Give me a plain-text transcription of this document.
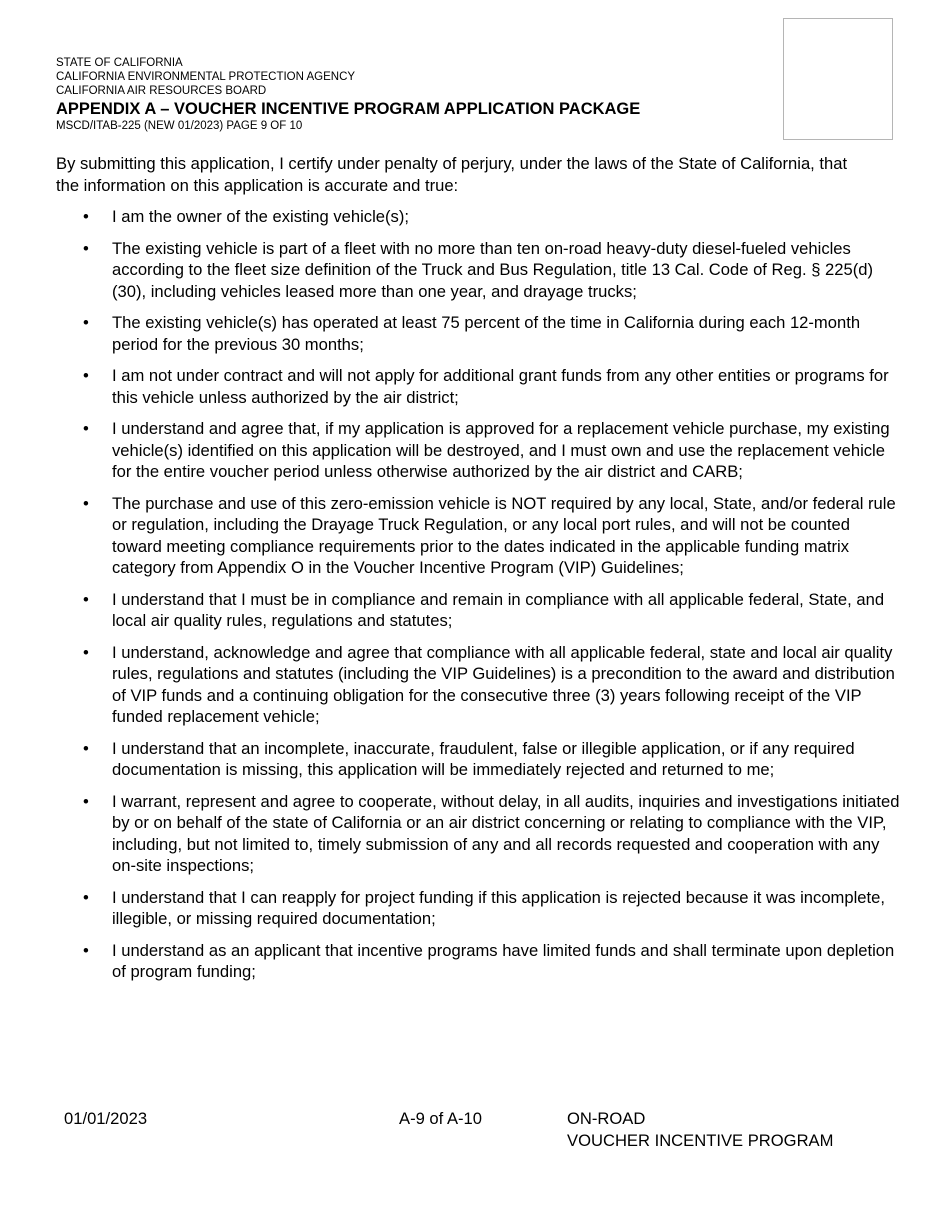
STATE OF CALIFORNIA
CALIFORNIA ENVIRONMENTAL PROTECTION AGENCY
CALIFORNIA AIR RESOURCES BOARD
APPENDIX A – VOUCHER INCENTIVE PROGRAM APPLICATION PACKAGE
MSCD/ITAB-225 (NEW 01/2023) PAGE 9 OF 10
By submitting this application, I certify under penalty of perjury, under the laws of the State of California, that the information on this application is accurate and true:
• I am the owner of the existing vehicle(s);
• The existing vehicle is part of a fleet with no more than ten on-road heavy-duty diesel-fueled vehicles according to the fleet size definition of the Truck and Bus Regulation, title 13 Cal. Code of Reg. § 225(d)(30), including vehicles leased more than one year, and drayage trucks;
• The existing vehicle(s) has operated at least 75 percent of the time in California during each 12-month period for the previous 30 months;
• I am not under contract and will not apply for additional grant funds from any other entities or programs for this vehicle unless authorized by the air district;
• I understand and agree that, if my application is approved for a replacement vehicle purchase, my existing vehicle(s) identified on this application will be destroyed, and I must own and use the replacement vehicle for the entire voucher period unless otherwise authorized by the air district and CARB;
• The purchase and use of this zero-emission vehicle is NOT required by any local, State, and/or federal rule or regulation, including the Drayage Truck Regulation, or any local port rules, and will not be counted toward meeting compliance requirements prior to the dates indicated in the applicable funding matrix category from Appendix O in the Voucher Incentive Program (VIP) Guidelines;
• I understand that I must be in compliance and remain in compliance with all applicable federal, State, and local air quality rules, regulations and statutes;
• I understand, acknowledge and agree that compliance with all applicable federal, state and local air quality rules, regulations and statutes (including the VIP Guidelines) is a precondition to the award and distribution of VIP funds and a continuing obligation for the consecutive three (3) years following receipt of the VIP funded replacement vehicle;
• I understand that an incomplete, inaccurate, fraudulent, false or illegible application, or if any required documentation is missing, this application will be immediately rejected and returned to me;
• I warrant, represent and agree to cooperate, without delay, in all audits, inquiries and investigations initiated by or on behalf of the state of California or an air district concerning or relating to compliance with the VIP, including, but not limited to, timely submission of any and all records requested and cooperation with any on-site inspections;
• I understand that I can reapply for project funding if this application is rejected because it was incomplete, illegible, or missing required documentation;
• I understand as an applicant that incentive programs have limited funds and shall terminate upon depletion of program funding;
01/01/2023	A-9 of A-10	ON-ROAD
VOUCHER INCENTIVE PROGRAM
